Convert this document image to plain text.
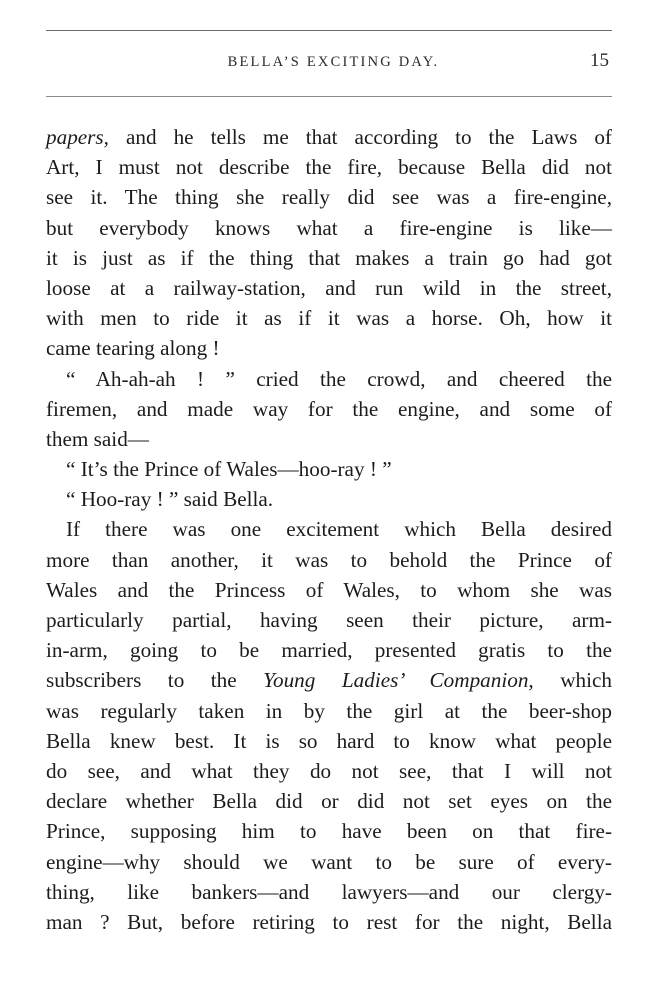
BELLA’S EXCITING DAY.	15
papers, and he tells me that according to the Laws of
Art, I must not describe the fire, because Bella did not
see it. The thing she really did see was a fire-engine,
but everybody knows what a fire-engine is like—
it is just as if the thing that makes a train go had got
loose at a railway-station, and run wild in the street,
with men to ride it as if it was a horse. Oh, how it
came tearing along !
“ Ah-ah-ah ! ” cried the crowd, and cheered the
firemen, and made way for the engine, and some of
them said—
“ It’s the Prince of Wales—hoo-ray ! ”
“ Hoo-ray ! ” said Bella.
If there was one excitement which Bella desired
more than another, it was to behold the Prince of
Wales and the Princess of Wales, to whom she was
particularly partial, having seen their picture, arm-
in-arm, going to be married, presented gratis to the
subscribers to the Young Ladies’ Companion, which
was regularly taken in by the girl at the beer-shop
Bella knew best. It is so hard to know what people
do see, and what they do not see, that I will not
declare whether Bella did or did not set eyes on the
Prince, supposing him to have been on that fire-
engine—why should we want to be sure of every-
thing, like bankers—and lawyers—and our clergy-
man ? But, before retiring to rest for the night, Bella
